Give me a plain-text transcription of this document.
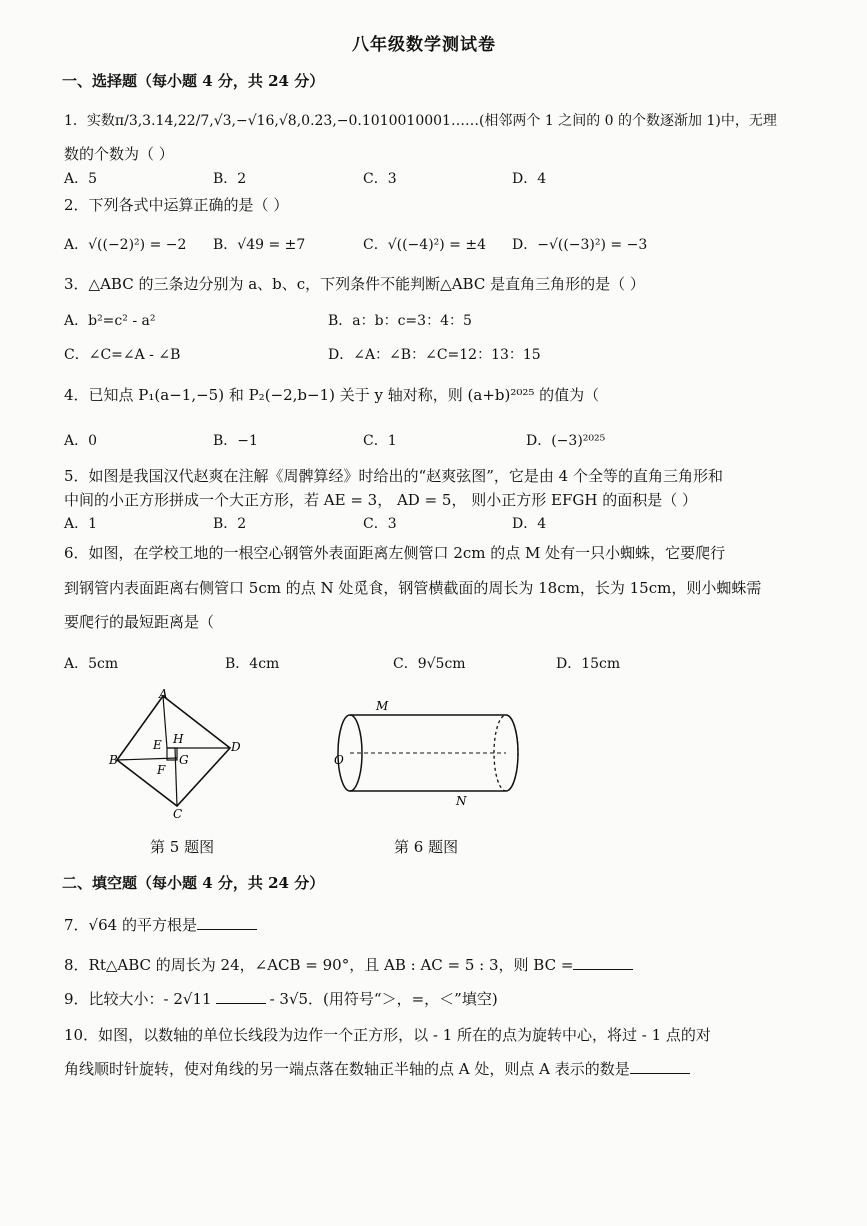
八年级数学测试卷
一、选择题（每小题 4 分，共 24 分）
1．实数π/3,3.14,22/7,√3,−√16,√8,0.2̇3̇,−0.1010010001……(相邻两个 1 之间的 0 的个数逐渐加 1)中，无理
数的个数为（ ）
A．5	B．2	C．3	D．4
2．下列各式中运算正确的是（ ）
A．√((−2)²) = −2 B．√49 = ±7	C．√((−4)²) = ±4 D．−√((−3)²) = −3
3．△ABC 的三条边分别为 a、b、c，下列条件不能判断△ABC 是直角三角形的是（ ）
A．b²=c² - a²	B．a：b：c=3：4：5
C．∠C=∠A - ∠B	D．∠A：∠B：∠C=12：13：15
4．已知点 P₁(a−1,−5) 和 P₂(−2,b−1) 关于 y 轴对称，则 (a+b)²⁰²⁵ 的值为（
A．0	B．−1	C．1	D．(−3)²⁰²⁵
5．如图是我国汉代赵爽在注解《周髀算经》时给出的“赵爽弦图”，它是由 4 个全等的直角三角形和
中间的小正方形拼成一个大正方形，若 AE = 3， AD = 5， 则小正方形 EFGH 的面积是（ ）
A．1	B．2	C．3	D．4
6．如图，在学校工地的一根空心钢管外表面距离左侧管口 2cm 的点 M 处有一只小蜘蛛，它要爬行
到钢管内表面距离右侧管口 5cm 的点 N 处觅食，钢管横截面的周长为 18cm，长为 15cm，则小蜘蛛需
要爬行的最短距离是（
A．5cm	B．4cm	C．9√5cm	D．15cm
A
B
C
D
E
F
G
H
第 5 题图
M
N
O
第 6 题图
二、填空题（每小题 4 分，共 24 分）
7．√64 的平方根是
8．Rt△ABC 的周长为 24，∠ACB = 90°，且 AB : AC = 5 : 3，则 BC =
9．比较大小：- 2√11	- 3√5．(用符号“＞，=，＜”填空)
10．如图，以数轴的单位长线段为边作一个正方形，以 - 1 所在的点为旋转中心，将过 - 1 点的对
角线顺时针旋转，使对角线的另一端点落在数轴正半轴的点 A 处，则点 A 表示的数是
